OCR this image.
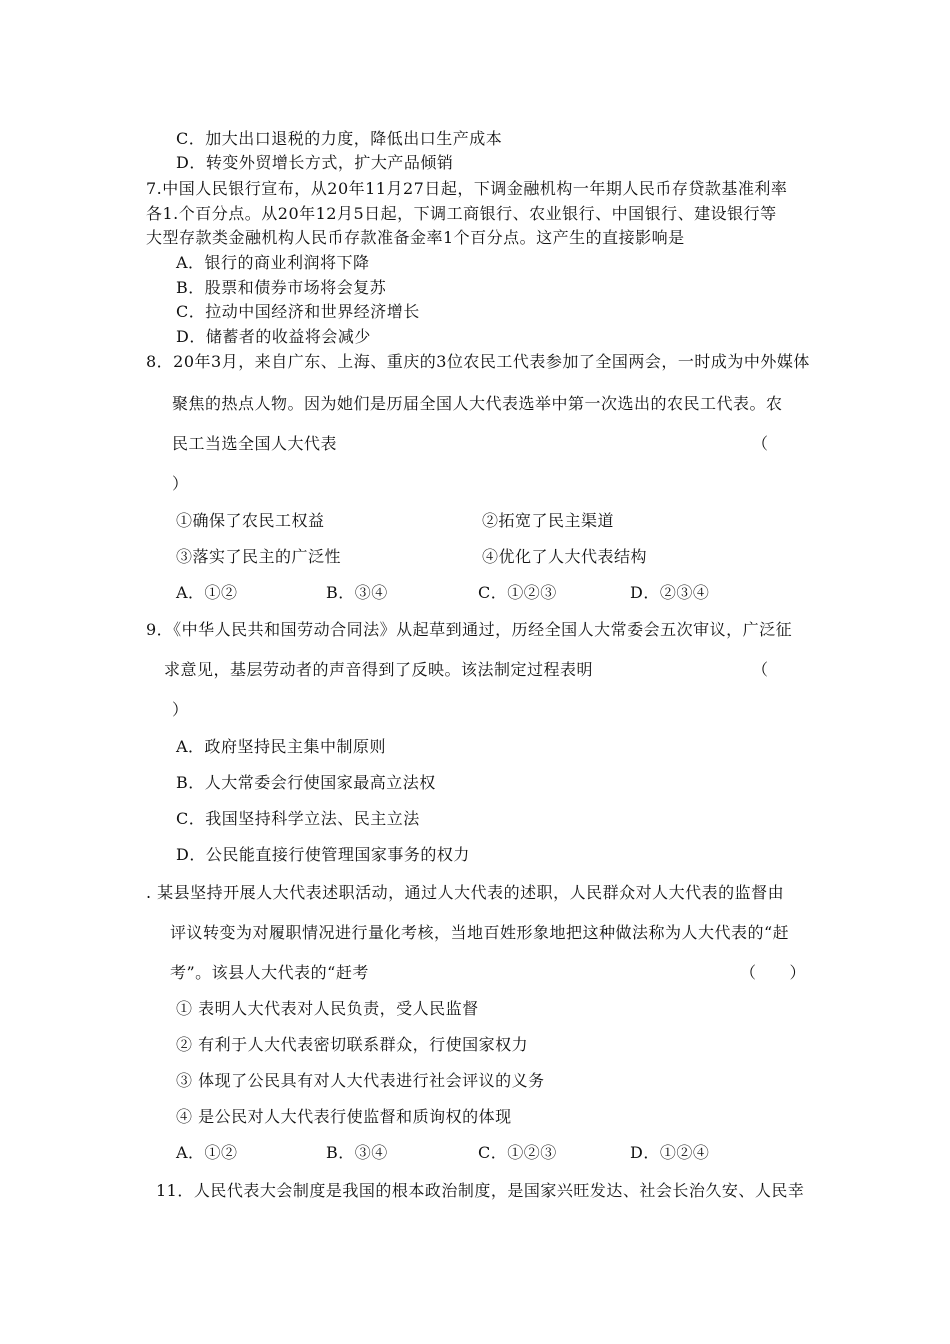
C．加大出口退税的力度，降低出口生产成本
D．转变外贸增长方式，扩大产品倾销
7.中国人民银行宣布，从20年11月27日起，下调金融机构一年期人民币存贷款基准利率
各1.个百分点。从20年12月5日起，下调工商银行、农业银行、中国银行、建设银行等
大型存款类金融机构人民币存款准备金率1个百分点。这产生的直接影响是
A．银行的商业利润将下降
B．股票和债券市场将会复苏
C．拉动中国经济和世界经济增长
D．储蓄者的收益将会减少
8．20年3月，来自广东、上海、重庆的3位农民工代表参加了全国两会，一时成为中外媒体
聚焦的热点人物。因为她们是历届全国人大代表选举中第一次选出的农民工代表。农
民工当选全国人大代表	（
）
①确保了农民工权益	②拓宽了民主渠道
③落实了民主的广泛性	④优化了人大代表结构
A．①②	B．③④	C．①②③	D．②③④
9．《中华人民共和国劳动合同法》从起草到通过，历经全国人大常委会五次审议，广泛征
求意见，基层劳动者的声音得到了反映。该法制定过程表明	（
）
A．政府坚持民主集中制原则
B．人大常委会行使国家最高立法权
C．我国坚持科学立法、民主立法
D．公民能直接行使管理国家事务的权力
. 某县坚持开展人大代表述职活动，通过人大代表的述职，人民群众对人大代表的监督由
评议转变为对履职情况进行量化考核，当地百姓形象地把这种做法称为人大代表的“赶
考”。该县人大代表的“赶考	（　　）
① 表明人大代表对人民负责，受人民监督
② 有利于人大代表密切联系群众，行使国家权力
③ 体现了公民具有对人大代表进行社会评议的义务
④ 是公民对人大代表行使监督和质询权的体现
A．①②	B．③④	C．①②③	D．①②④
11．人民代表大会制度是我国的根本政治制度，是国家兴旺发达、社会长治久安、人民幸
